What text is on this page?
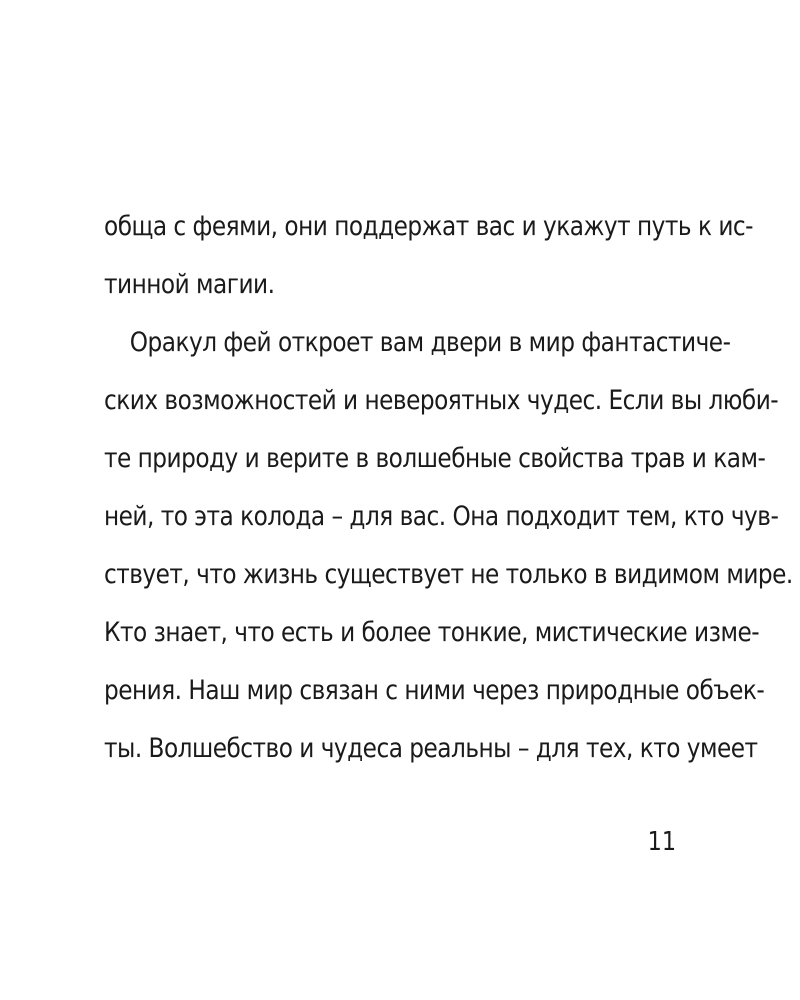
обща с феями, они поддержат вас и укажут путь к ис-
тинной магии.
Оракул фей откроет вам двери в мир фантастиче-
ских возможностей и невероятных чудес. Если вы люби-
те природу и верите в волшебные свойства трав и кам-
ней, то эта колода – для вас. Она подходит тем, кто чув-
ствует, что жизнь существует не только в видимом мире.
Кто знает, что есть и более тонкие, мистические изме-
рения. Наш мир связан с ними через природные объек-
ты. Волшебство и чудеса реальны – для тех, кто умеет
11
